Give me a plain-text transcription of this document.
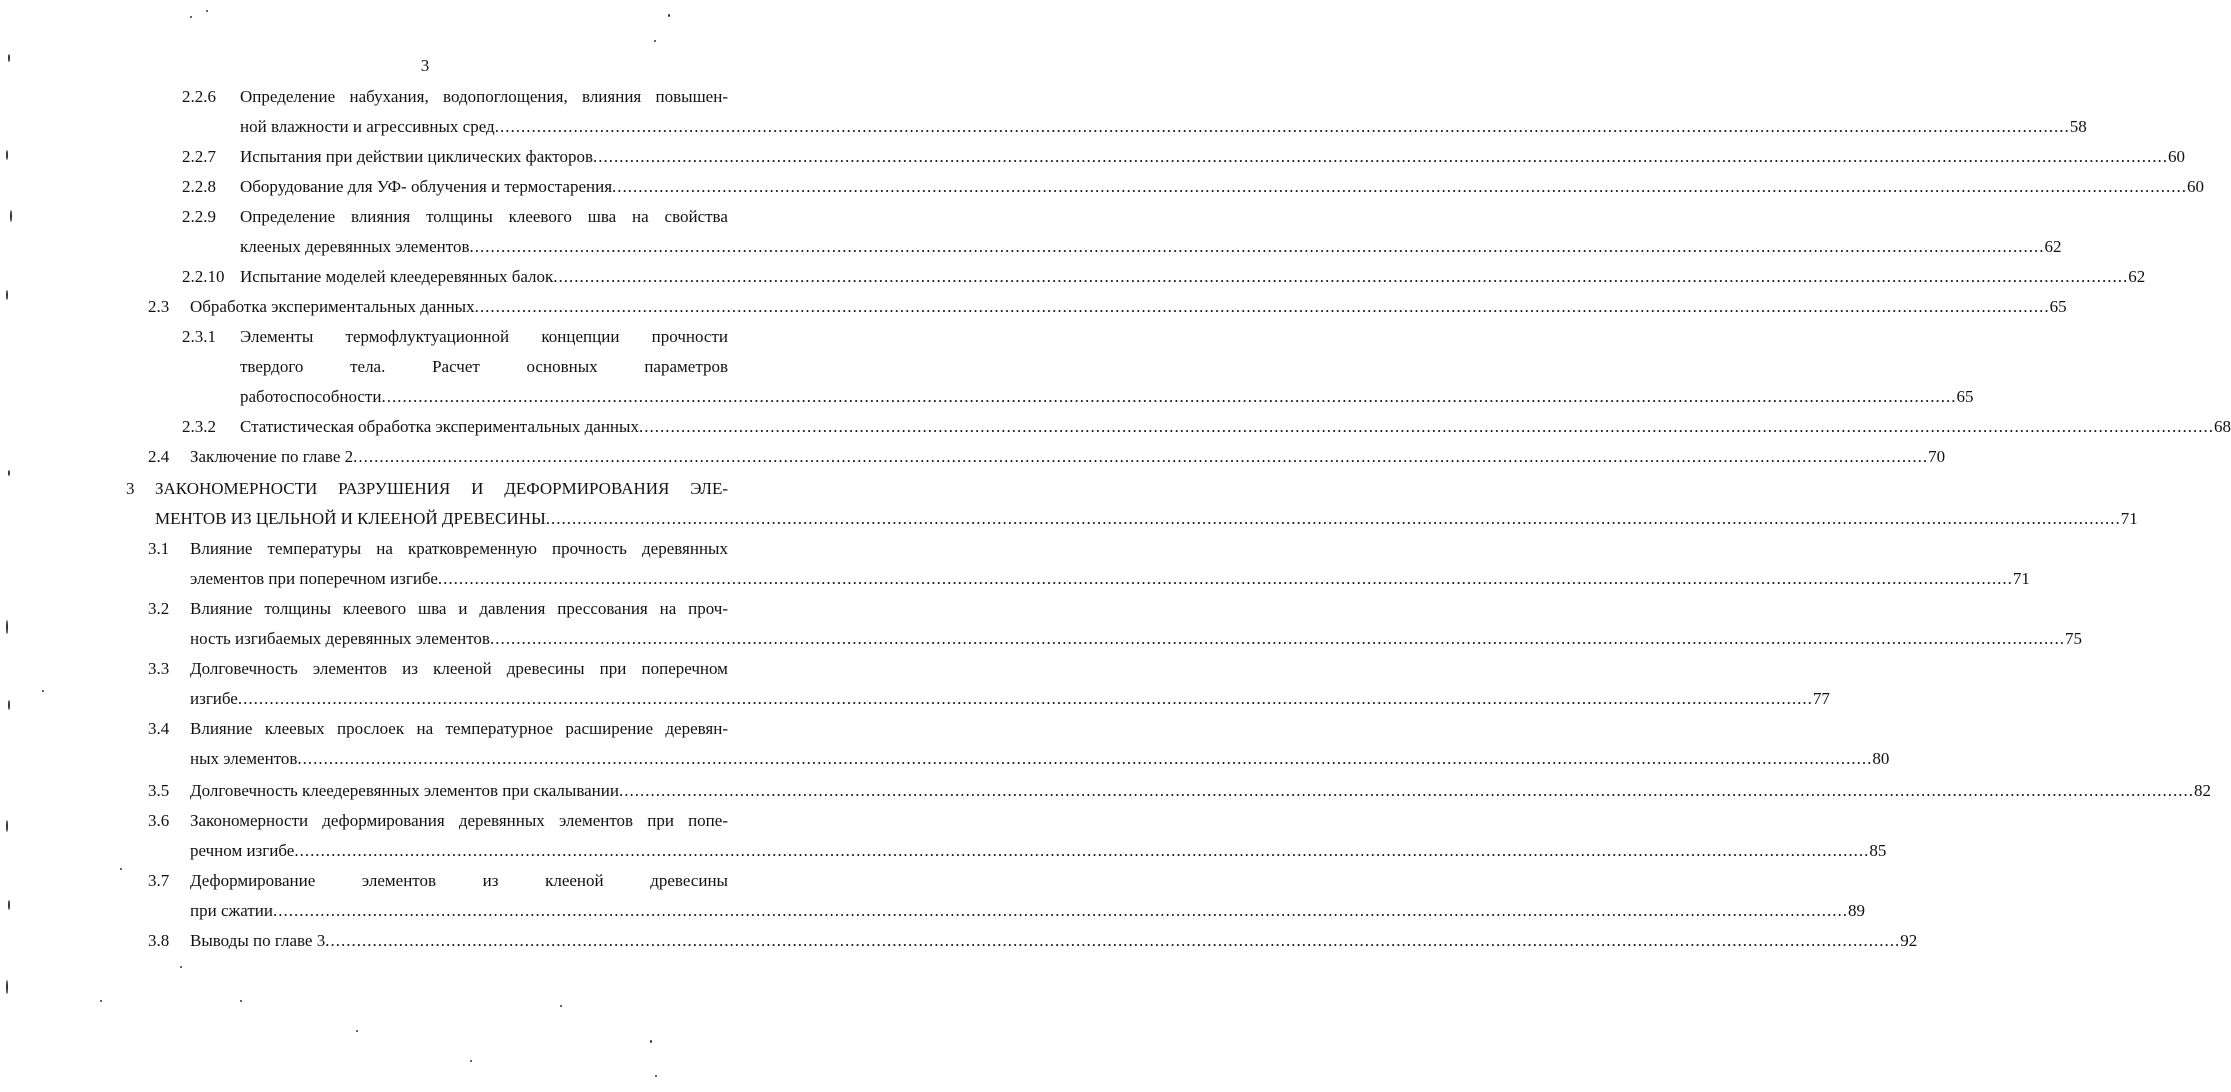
3
2.2.6 Определение набухания, водопоглощения, влияния повышен-
ной влажности и агрессивных сред ............................................................................................................................................................................................................................................................................................................ 58
2.2.7 Испытания при действии циклических факторов ............................................................................................................................................................................................................................................................................................................ 60
2.2.8 Оборудование для УФ- облучения и термостарения ............................................................................................................................................................................................................................................................................................................ 60
2.2.9 Определение влияния толщины клеевого шва на свойства
клееных деревянных элементов ............................................................................................................................................................................................................................................................................................................ 62
2.2.10 Испытание моделей клеедеревянных балок ............................................................................................................................................................................................................................................................................................................ 62
2.3 Обработка экспериментальных данных ............................................................................................................................................................................................................................................................................................................ 65
2.3.1 Элементы термофлуктуационной концепции прочности
твердого	тела.	Расчет	основных	параметров
работоспособности ............................................................................................................................................................................................................................................................................................................ 65
2.3.2 Статистическая обработка экспериментальных данных ............................................................................................................................................................................................................................................................................................................ 68
2.4 Заключение по главе 2 ............................................................................................................................................................................................................................................................................................................ 70
3 ЗАКОНОМЕРНОСТИ РАЗРУШЕНИЯ И ДЕФОРМИРОВАНИЯ ЭЛЕ-
МЕНТОВ ИЗ ЦЕЛЬНОЙ И КЛЕЕНОЙ ДРЕВЕСИНЫ ............................................................................................................................................................................................................................................................................................................ 71
3.1 Влияние температуры на кратковременную прочность деревянных
элементов при поперечном изгибе ............................................................................................................................................................................................................................................................................................................ 71
3.2 Влияние толщины клеевого шва и давления прессования на проч-
ность изгибаемых деревянных элементов ............................................................................................................................................................................................................................................................................................................ 75
3.3 Долговечность элементов из клееной древесины при поперечном
изгибе ............................................................................................................................................................................................................................................................................................................ 77
3.4 Влияние клеевых прослоек на температурное расширение деревян-
ных элементов ............................................................................................................................................................................................................................................................................................................ 80
3.5 Долговечность клеедеревянных элементов при скалывании ............................................................................................................................................................................................................................................................................................................ 82
3.6 Закономерности деформирования деревянных элементов при попе-
речном изгибе ............................................................................................................................................................................................................................................................................................................ 85
3.7 Деформирование	элементов	из	клееной	древесины
при сжатии ............................................................................................................................................................................................................................................................................................................ 89
3.8 Выводы по главе 3 ............................................................................................................................................................................................................................................................................................................ 92
